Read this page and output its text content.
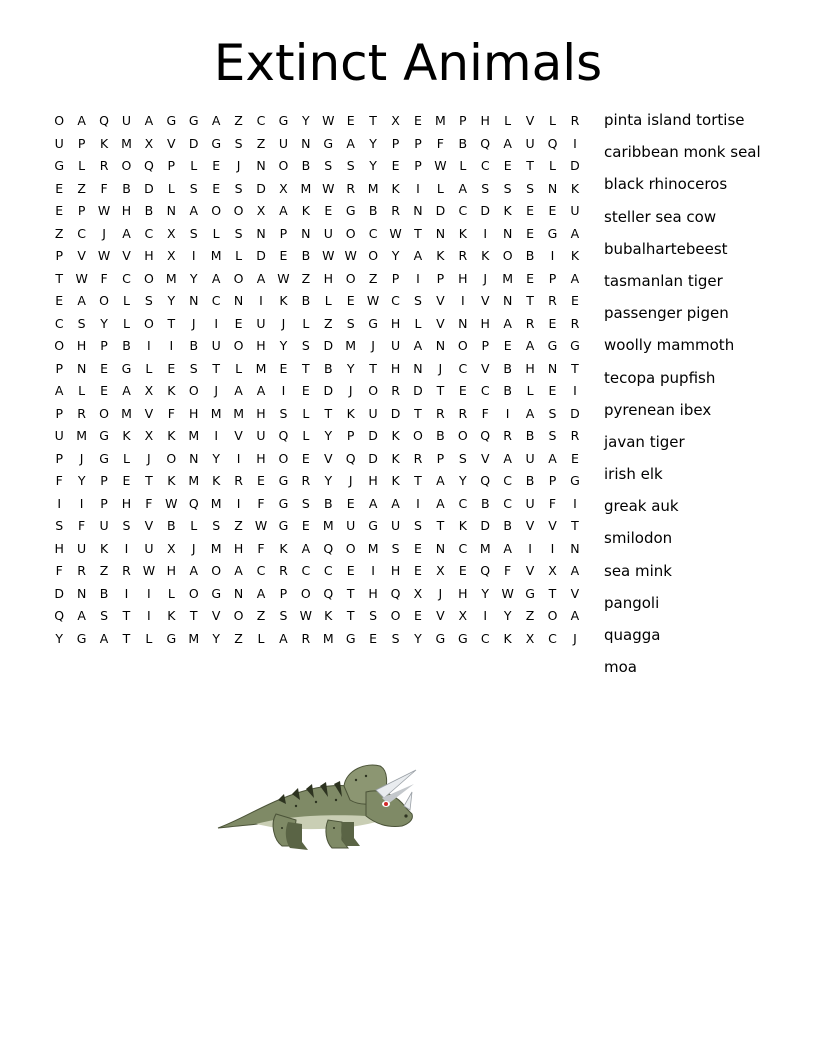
Extinct Animals
O	A	Q	U	A	G	G	A	Z	C	G	Y W E	T	X	E	M	P	H	L	V	L	R
U	P	K	M	X	V	D	G	S	Z	U	N	G	A	Y	P	P	F	B	Q	A	U	Q	I
G	L	R	O	Q	P	L	E	J	N	O	B	S	S	Y	E	P W	L	C	E	T	L	D
E	Z	F	B	D	L	S	E	S	D	X	M W R	M	K	I	L	A	S	S	S	N	K
E	P W H	B	N	A	O	O	X	A	K	E	G	B	R	N	D	C	D	K	E	E	U
Z	C	J	A	C	X	S	L	S	N	P	N	U	O	C W T	N	K	I	N	E	G	A
P	V W V	H	X	I	M	L	D	E	B W W O	Y	A	K	R	K	O	B	I	K
T W	F	C	O M	Y	A	O	A W Z	H	O	Z	P	I	P	H	J	M	E	P	A
E	A	O	L	S	Y	N	C	N	I	K	B	L	E W C	S	V	I	V	N	T	R	E
C	S	Y	L	O	T	J	I	E	U	J	L	Z	S	G	H	L	V	N	H	A	R	E	R
O	H	P	B	I	I	B	U	O	H	Y	S	D M	J	U	A	N	O	P	E	A	G	G
P	N	E	G	L	E	S	T	L	M	E	T	B	Y	T	H	N	J	C	V	B	H	N	T
A	L	E	A	X	K	O	J	A	A	I	E	D	J	O	R	D	T	E	C	B	L	E	I
P	R	O M	V	F	H M M H	S	L	T	K	U	D	T	R	R	F	I	A	S	D
U M G	K	X	K	M	I	V	U	Q	L	Y	P	D	K	O	B	O	Q	R	B	S	R
P	J	G	L	J	O	N	Y	I	H	O	E	V	Q	D	K	R	P	S	V	A	U	A	E
F	Y	P	E	T	K	M	K	R	E	G	R	Y	J	H	K	T	A	Y	Q	C	B	P	G
I	I	P	H	F	W Q M	I	F	G	S	B	E	A	A	I	A	C	B	C	U	F	I
S	F	U	S	V	B	L	S	Z W G	E	M U	G	U	S	T	K	D	B	V	V	T
H	U	K	I	U	X	J	M H	F	K	A	Q	O M	S	E	N	C	M	A	I	I	N
F	R	Z	R W H	A	O	A	C	R	C	C	E	I	H	E	X	E	Q	F	V	X	A
D	N	B	I	I	L	O	G	N	A	P	O	Q	T	H	Q	X	J	H	Y W G	T	V
Q	A	S	T	I	K	T	V	O	Z	S W K	T	S	O	E	V	X	I	Y	Z	O	A
Y	G	A	T	L	G M	Y	Z	L	A	R	M G	E	S	Y	G	G	C	K	X	C	J
pinta island tortise
caribbean monk seal
black rhinoceros
steller sea cow
bubalhartebeest
tasmanlan tiger
passenger pigen
woolly mammoth
tecopa pupfish
pyrenean ibex
javan tiger
irish elk
greak auk
smilodon
sea mink
pangoli
quagga
moa
